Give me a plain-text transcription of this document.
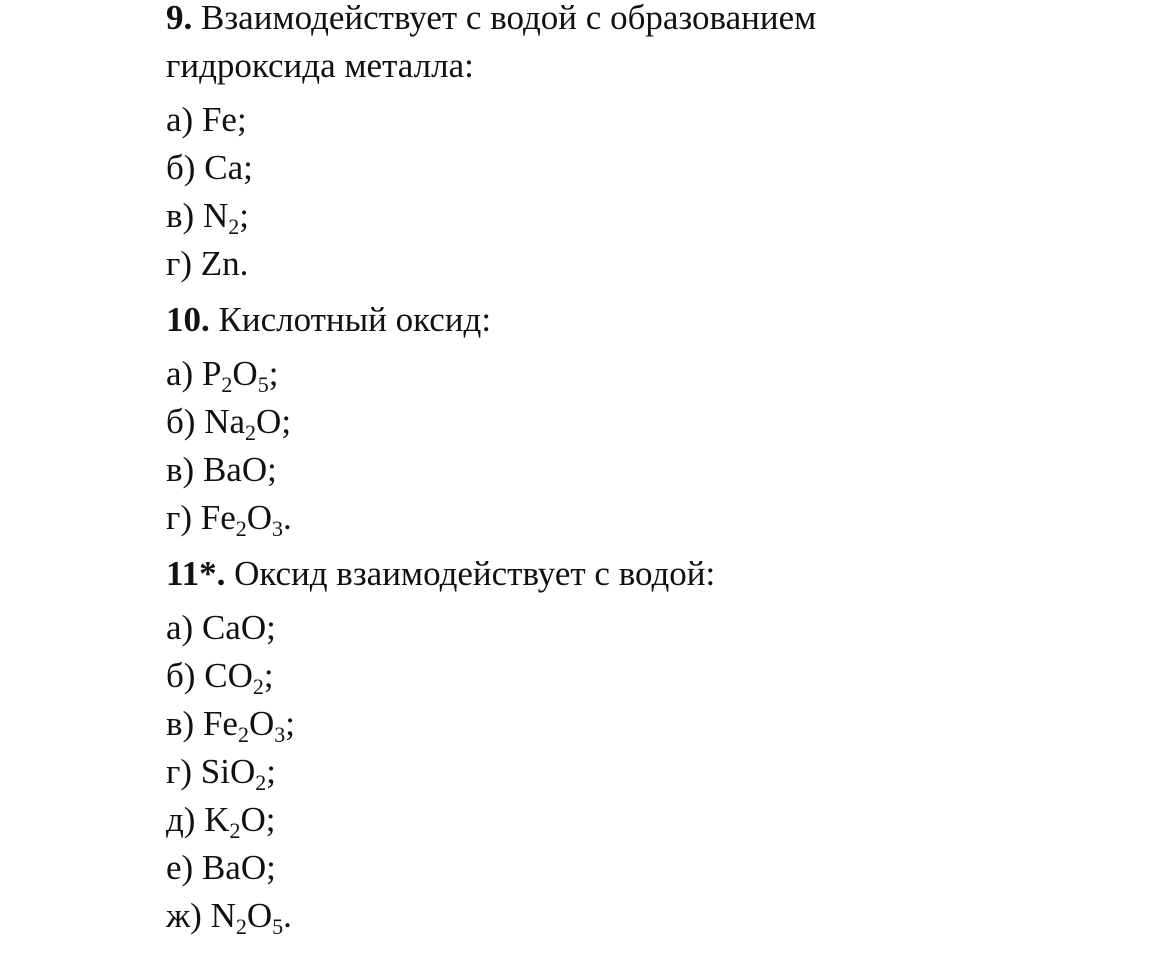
9. Взаимодействует с водой с образованием
гидроксида металла:

а) Fe;

б) Ca;

в) $N_2$;

г) Zn.

10. Кислотный оксид:

а) $P_2O_5$;

б) $Na_2O$;

в) BaO;

г) $Fe_2O_3$.

11*. Оксид взаимодействует с водой:

а) CaO;

б) $CO_2$;

в) $Fe_2O_3$;

г) SiO$_2$;

д) $K_2O$;

е) BaO;

ж) $N_2O_5$.
